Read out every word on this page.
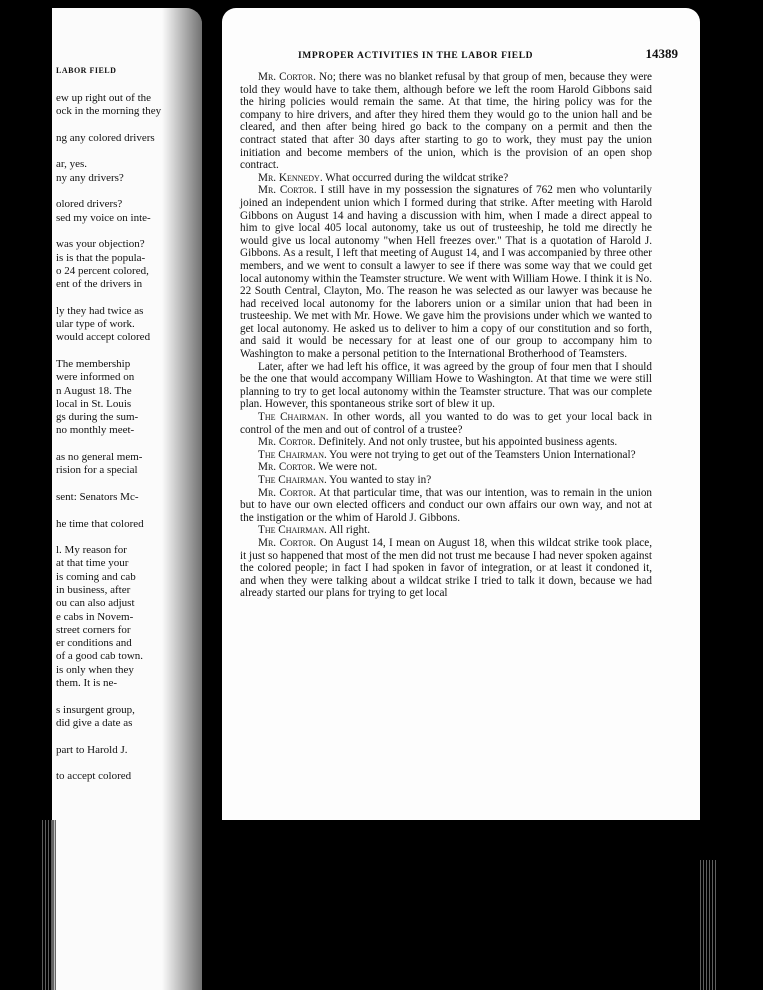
LABOR FIELD
ew up right out of the
ock in the morning they
ng any colored drivers
ar, yes.
ny any drivers?
olored drivers?
sed my voice on inte-
was your objection?
is is that the popula-
o 24 percent colored,
ent of the drivers in
ly they had twice as
ular type of work.
would accept colored
The membership
were informed on
n August 18. The
local in St. Louis
gs during the sum-
no monthly meet-
as no general mem-
rision for a special
sent: Senators Mc-
he time that colored
l. My reason for
at that time your
is coming and cab
in business, after
ou can also adjust
e cabs in Novem-
street corners for
er conditions and
of a good cab town.
is only when they
them. It is ne-
s insurgent group,
did give a date as
part to Harold J.
to accept colored
IMPROPER ACTIVITIES IN THE LABOR FIELD	14389

Mr. Cortor. No; there was no blanket refusal by that group of men, because they were told they would have to take them, although before we left the room Harold Gibbons said the hiring policies would remain the same. At that time, the hiring policy was for the company to hire drivers, and after they hired them they would go to the union hall and be cleared, and then after being hired go back to the company on a permit and then the contract stated that after 30 days after starting to go to work, they must pay the union initiation and become members of the union, which is the provision of an open shop contract.

Mr. Kennedy. What occurred during the wildcat strike?

Mr. Cortor. I still have in my possession the signatures of 762 men who voluntarily joined an independent union which I formed during that strike. After meeting with Harold Gibbons on August 14 and having a discussion with him, when I made a direct appeal to him to give local 405 local autonomy, take us out of trusteeship, he told me directly he would give us local autonomy "when Hell freezes over." That is a quotation of Harold J. Gibbons. As a result, I left that meeting of August 14, and I was accompanied by three other members, and we went to consult a lawyer to see if there was some way that we could get local autonomy within the Teamster structure. We went with William Howe. I think it is No. 22 South Central, Clayton, Mo. The reason he was selected as our lawyer was because he had received local autonomy for the laborers union or a similar union that had been in trusteeship. We met with Mr. Howe. We gave him the provisions under which we wanted to get local autonomy. He asked us to deliver to him a copy of our constitution and so forth, and said it would be necessary for at least one of our group to accompany him to Washington to make a personal petition to the International Brotherhood of Teamsters.

Later, after we had left his office, it was agreed by the group of four men that I should be the one that would accompany William Howe to Washington. At that time we were still planning to try to get local autonomy within the Teamster structure. That was our complete plan. However, this spontaneous strike sort of blew it up.

The Chairman. In other words, all you wanted to do was to get your local back in control of the men and out of control of a trustee?

Mr. Cortor. Definitely. And not only trustee, but his appointed business agents.

The Chairman. You were not trying to get out of the Teamsters Union International?

Mr. Cortor. We were not.

The Chairman. You wanted to stay in?

Mr. Cortor. At that particular time, that was our intention, was to remain in the union but to have our own elected officers and conduct our own affairs our own way, and not at the instigation or the whim of Harold J. Gibbons.

The Chairman. All right.

Mr. Cortor. On August 14, I mean on August 18, when this wildcat strike took place, it just so happened that most of the men did not trust me because I had never spoken against the colored people; in fact I had spoken in favor of integration, or at least it condoned it, and when they were talking about a wildcat strike I tried to talk it down, because we had already started our plans for trying to get local
